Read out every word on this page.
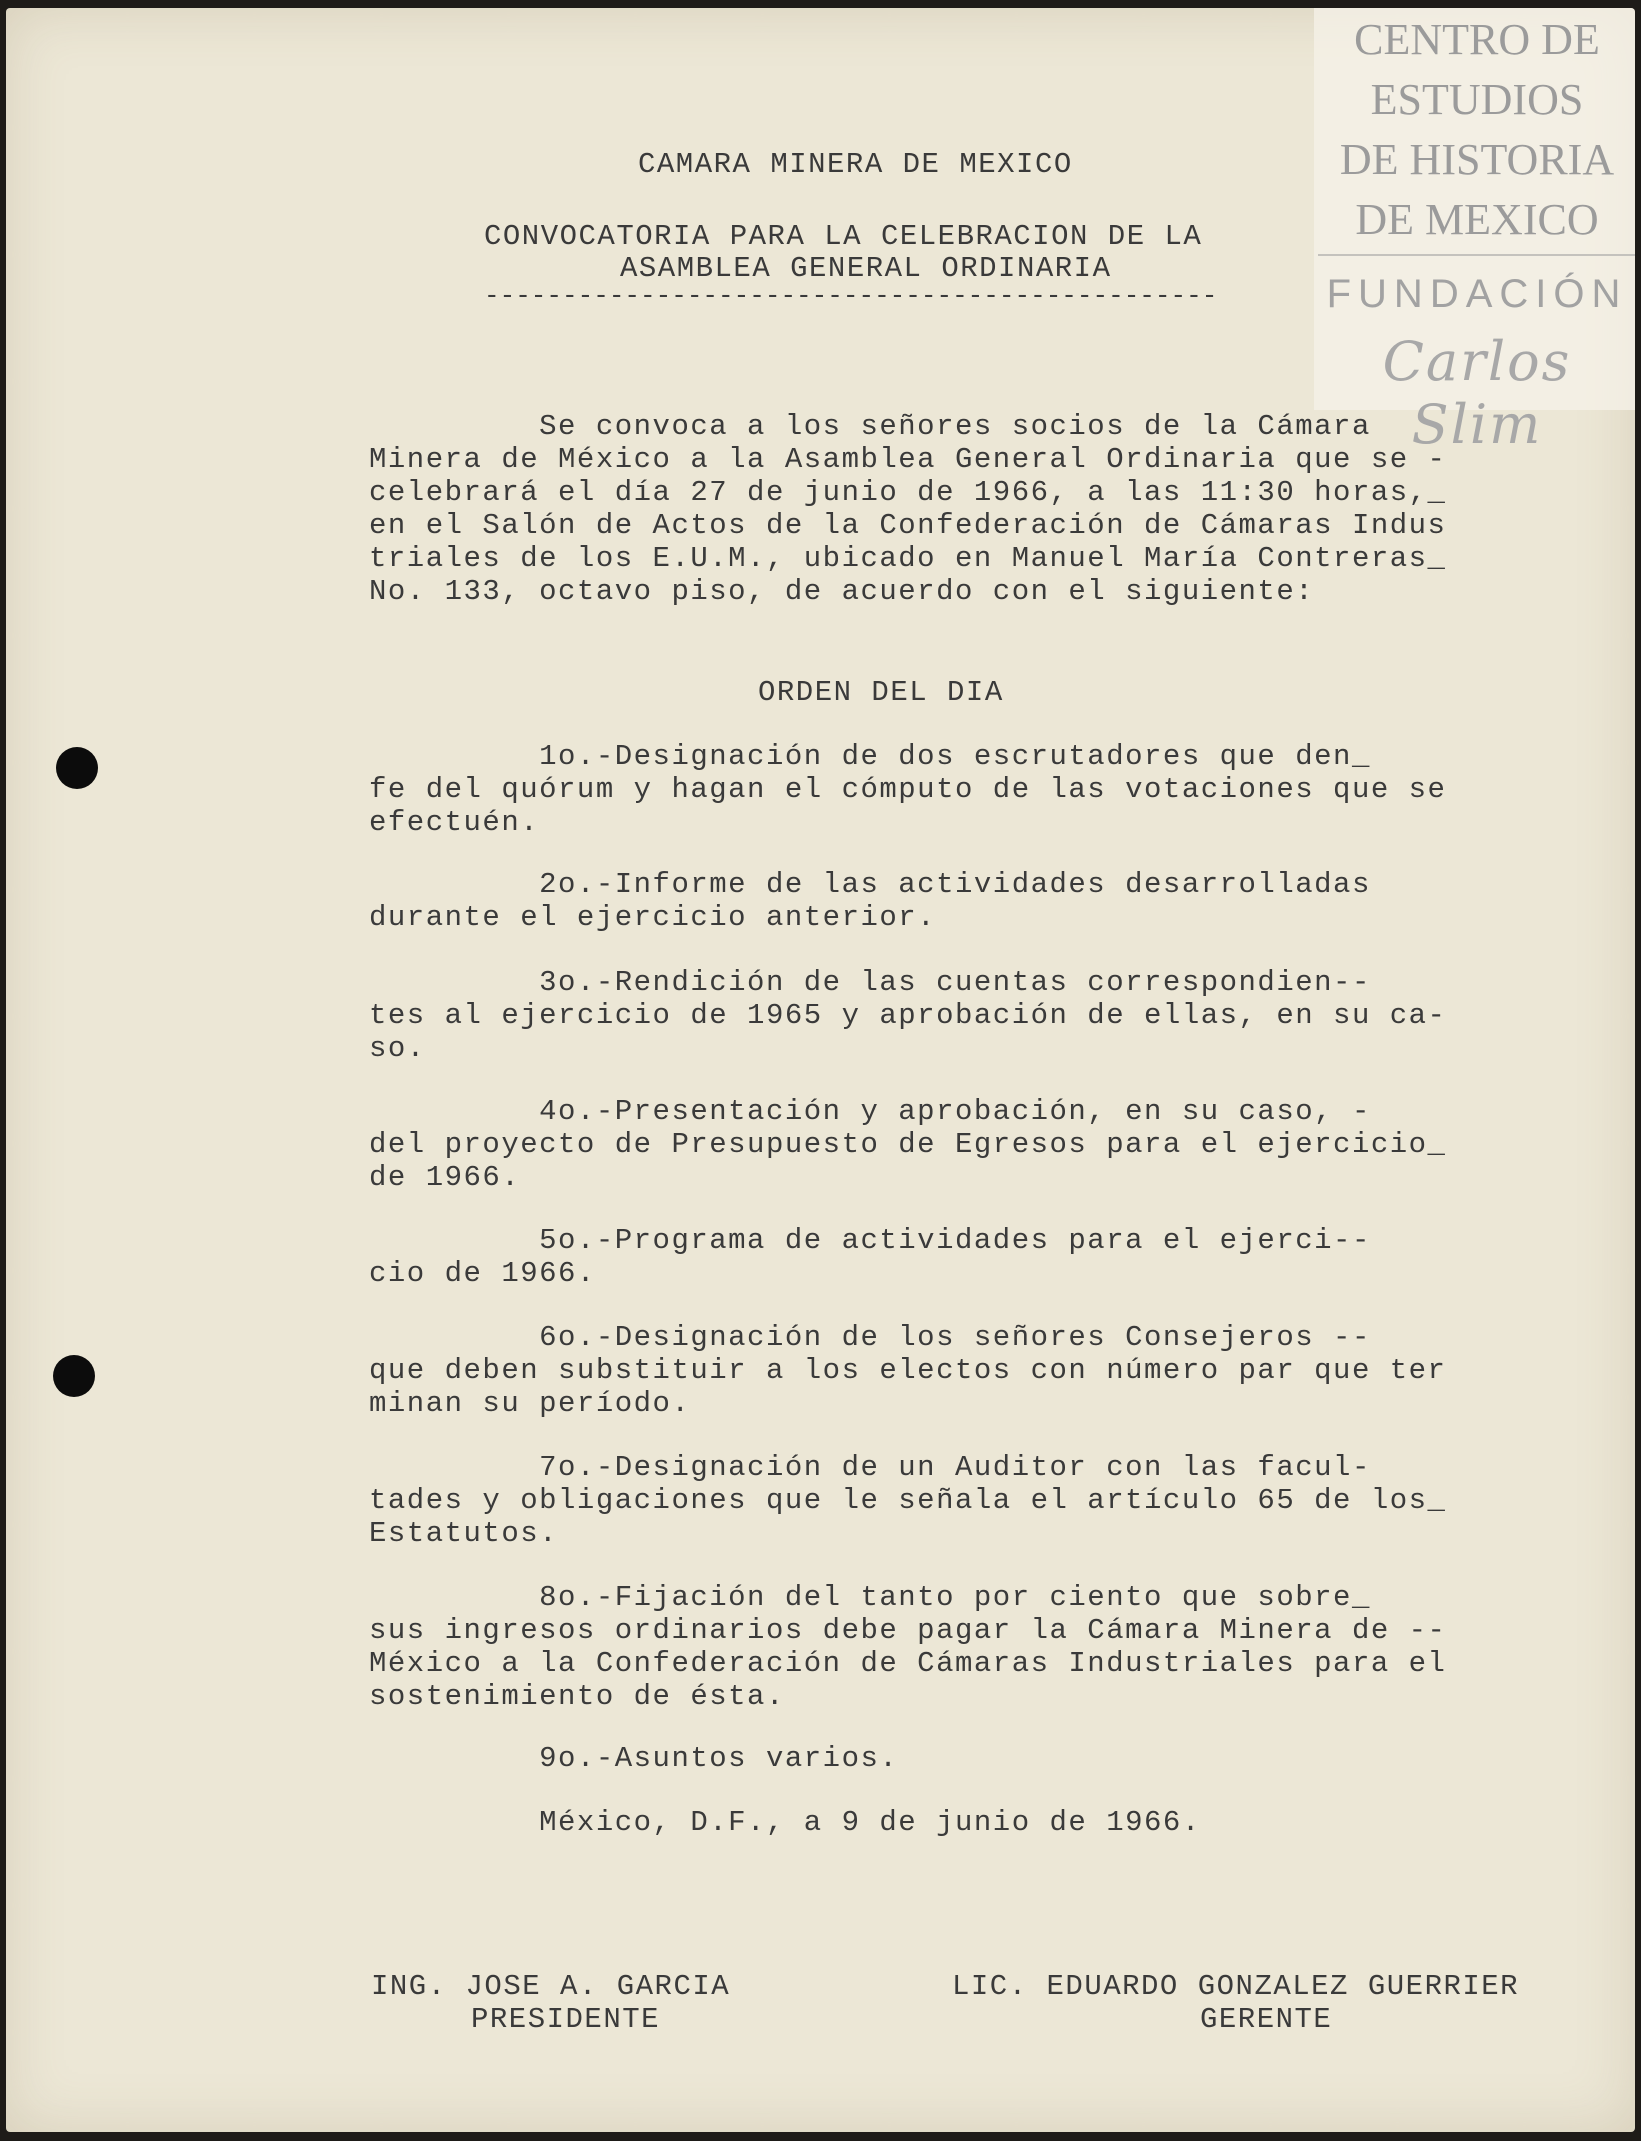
CENTRO DE
ESTUDIOS
DE HISTORIA
DE MEXICO
FUNDACIÓN
Carlos Slim
CAMARA MINERA DE MEXICO
CONVOCATORIA PARA LA CELEBRACION DE LA
ASAMBLEA GENERAL ORDINARIA
-----------------------------------------------
Se convoca a los señores socios de la Cámara
Minera de México a la Asamblea General Ordinaria que se -
celebrará el día 27 de junio de 1966, a las 11:30 horas,_
en el Salón de Actos de la Confederación de Cámaras Indus
triales de los E.U.M., ubicado en Manuel María Contreras_
No. 133, octavo piso, de acuerdo con el siguiente:
ORDEN DEL DIA
1o.-Designación de dos escrutadores que den_
fe del quórum y hagan el cómputo de las votaciones que se
efectuén.
2o.-Informe de las actividades desarrolladas
durante el ejercicio anterior.
3o.-Rendición de las cuentas correspondien--
tes al ejercicio de 1965 y aprobación de ellas, en su ca-
so.
4o.-Presentación y aprobación, en su caso, -
del proyecto de Presupuesto de Egresos para el ejercicio_
de 1966.
5o.-Programa de actividades para el ejerci--
cio de 1966.
6o.-Designación de los señores Consejeros --
que deben substituir a los electos con número par que ter
minan su período.
7o.-Designación de un Auditor con las facul-
tades y obligaciones que le señala el artículo 65 de los_
Estatutos.
8o.-Fijación del tanto por ciento que sobre_
sus ingresos ordinarios debe pagar la Cámara Minera de --
México a la Confederación de Cámaras Industriales para el
sostenimiento de ésta.
9o.-Asuntos varios.
México, D.F., a 9 de junio de 1966.
ING. JOSE A. GARCIA
PRESIDENTE
LIC. EDUARDO GONZALEZ GUERRIER
GERENTE
